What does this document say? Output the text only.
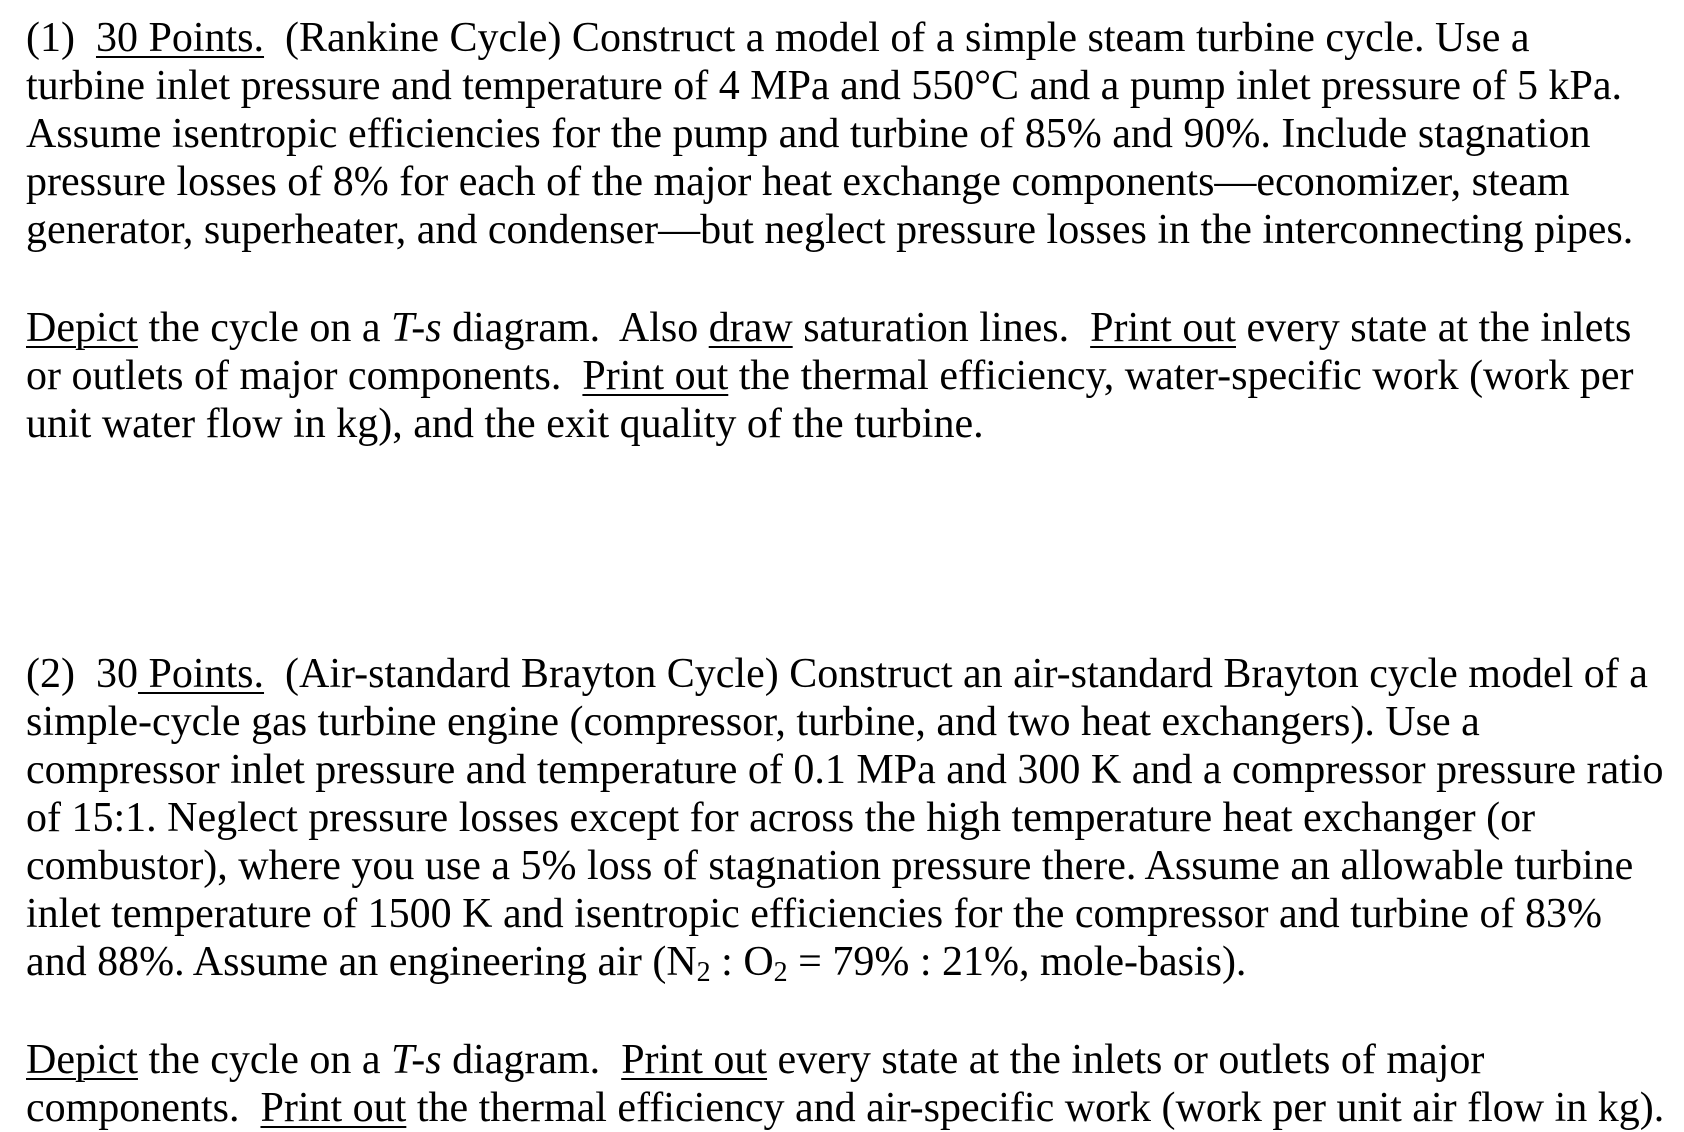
(1) 30 Points. (Rankine Cycle) Construct a model of a simple steam turbine cycle. Use a
turbine inlet pressure and temperature of 4 MPa and 550°C and a pump inlet pressure of 5 kPa.
Assume isentropic efficiencies for the pump and turbine of 85% and 90%. Include stagnation
pressure losses of 8% for each of the major heat exchange components—economizer, steam
generator, superheater, and condenser—but neglect pressure losses in the interconnecting pipes.
Depict the cycle on a T-s diagram.  Also draw saturation lines.  Print out every state at the inlets
or outlets of major components.  Print out the thermal efficiency, water-specific work (work per
unit water flow in kg), and the exit quality of the turbine.
(2) 30 Points. (Air-standard Brayton Cycle) Construct an air-standard Brayton cycle model of a
simple-cycle gas turbine engine (compressor, turbine, and two heat exchangers). Use a
compressor inlet pressure and temperature of 0.1 MPa and 300 K and a compressor pressure ratio
of 15:1. Neglect pressure losses except for across the high temperature heat exchanger (or
combustor), where you use a 5% loss of stagnation pressure there. Assume an allowable turbine
inlet temperature of 1500 K and isentropic efficiencies for the compressor and turbine of 83%
and 88%. Assume an engineering air ($N_2$ : $O_2 = 79\%$ : 21%, mole-basis).
Depict the cycle on a T-s diagram.  Print out every state at the inlets or outlets of major
components.  Print out the thermal efficiency and air-specific work (work per unit air flow in kg).
